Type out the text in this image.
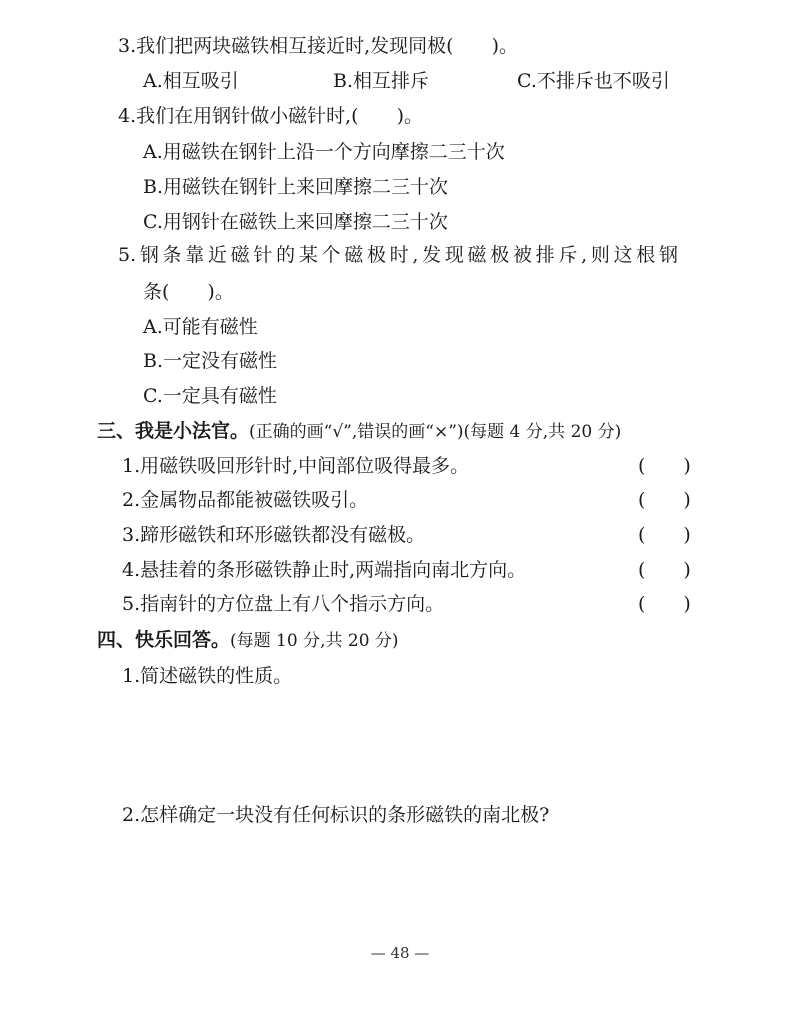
3.我们把两块磁铁相互接近时,发现同极(　　)。
A.相互吸引	B.相互排斥	C.不排斥也不吸引
4.我们在用钢针做小磁针时,(　　)。
A.用磁铁在钢针上沿一个方向摩擦二三十次
B.用磁铁在钢针上来回摩擦二三十次
C.用钢针在磁铁上来回摩擦二三十次
5.钢条靠近磁针的某个磁极时,发现磁极被排斥,则这根钢
条(　　)。
A.可能有磁性
B.一定没有磁性
C.一定具有磁性
三、我是小法官。(正确的画“√”,错误的画“×”)(每题 4 分,共 20 分)
1.用磁铁吸回形针时,中间部位吸得最多。	(　　)
2.金属物品都能被磁铁吸引。	(　　)
3.蹄形磁铁和环形磁铁都没有磁极。	(　　)
4.悬挂着的条形磁铁静止时,两端指向南北方向。	(　　)
5.指南针的方位盘上有八个指示方向。	(　　)
四、快乐回答。(每题 10 分,共 20 分)
1.简述磁铁的性质。
2.怎样确定一块没有任何标识的条形磁铁的南北极?
— 48 —
